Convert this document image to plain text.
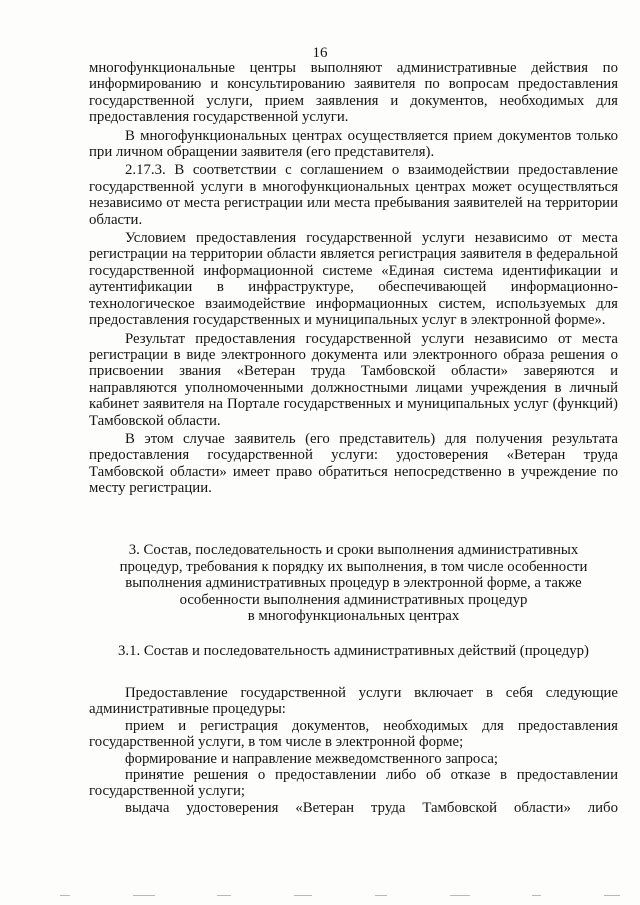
16

многофункциональные центры выполняют административные действия по информированию и консультированию заявителя по вопросам предоставления государственной услуги, прием заявления и документов, необходимых для предоставления государственной услуги.

В многофункциональных центрах осуществляется прием документов только при личном обращении заявителя (его представителя).

2.17.3. В соответствии с соглашением о взаимодействии предоставление государственной услуги в многофункциональных центрах может осуществляться независимо от места регистрации или места пребывания заявителей на территории области.

Условием предоставления государственной услуги независимо от места регистрации на территории области является регистрация заявителя в федеральной государственной информационной системе «Единая система идентификации и аутентификации в инфраструктуре, обеспечивающей информационно-технологическое взаимодействие информационных систем, используемых для предоставления государственных и муниципальных услуг в электронной форме».

Результат предоставления государственной услуги независимо от места регистрации в виде электронного документа или электронного образа решения о присвоении звания «Ветеран труда Тамбовской области» заверяются и направляются уполномоченными должностными лицами учреждения в личный кабинет заявителя на Портале государственных и муниципальных услуг (функций) Тамбовской области.

В этом случае заявитель (его представитель) для получения результата предоставления государственной услуги: удостоверения «Ветеран труда Тамбовской области» имеет право обратиться непосредственно в учреждение по месту регистрации.

3. Состав, последовательность и сроки выполнения административных
процедур, требования к порядку их выполнения, в том числе особенности
выполнения административных процедур в электронной форме, а также
особенности выполнения административных процедур
в многофункциональных центрах
3.1. Состав и последовательность административных действий (процедур)

Предоставление государственной услуги включает в себя следующие административные процедуры:

прием и регистрация документов, необходимых для предоставления государственной услуги, в том числе в электронной форме;

формирование и направление межведомственного запроса;

принятие решения о предоставлении либо об отказе в предоставлении государственной услуги;

выдача удостоверения «Ветеран труда Тамбовской области» либо
